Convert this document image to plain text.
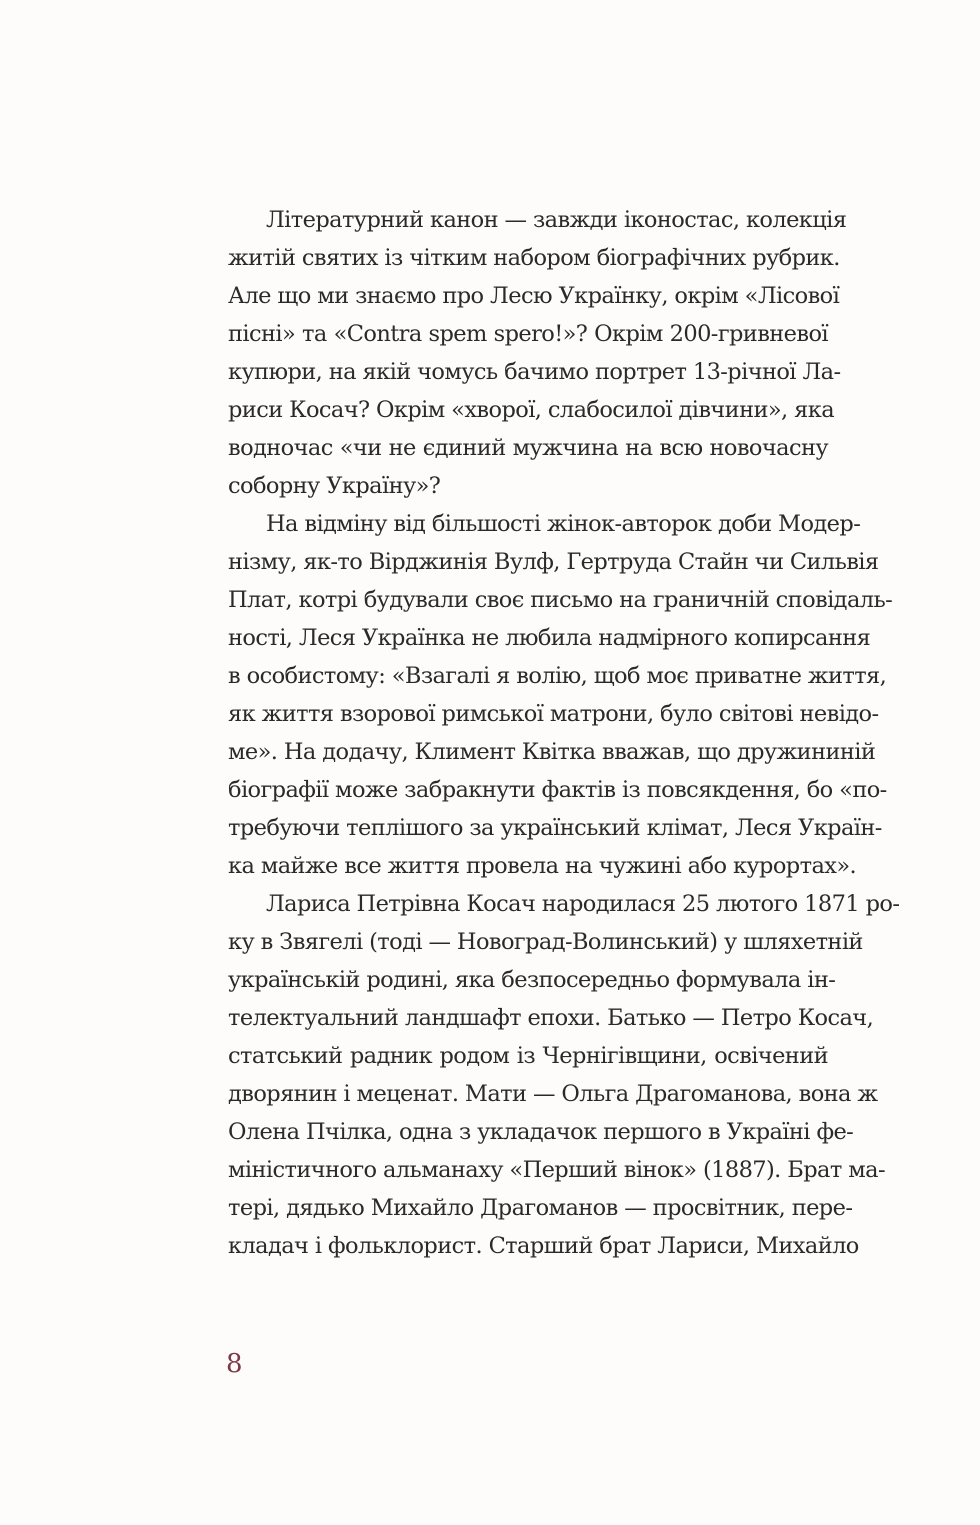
Літературний канон — завжди іконостас, колекція
житій святих із чітким набором біографічних рубрик.
Але що ми знаємо про Лесю Українку, окрім «Лісової
пісні» та «Contra spem spero!»? Окрім 200-гривневої
купюри, на якій чомусь бачимо портрет 13-річної Ла-
риси Косач? Окрім «хворої, слабосилої дівчини», яка
водночас «чи не єдиний мужчина на всю новочасну
соборну Україну»?
На відміну від більшості жінок-авторок доби Модер-
нізму, як-то Вірджинія Вулф, Гертруда Стайн чи Сильвія
Плат, котрі будували своє письмо на граничній сповідаль-
ності, Леся Українка не любила надмірного копирсання
в особистому: «Взагалі я волію, щоб моє приватне життя,
як життя взорової римської матрони, було світові невідо-
ме». На додачу, Климент Квітка вважав, що дружининій
біографії може забракнути фактів із повсякдення, бо «по-
требуючи теплішого за український клімат, Леся Україн-
ка майже все життя провела на чужині або курортах».
Лариса Петрівна Косач народилася 25 лютого 1871 ро-
ку в Звягелі (тоді — Новоград-Волинський) у шляхетній
українській родині, яка безпосередньо формувала ін-
телектуальний ландшафт епохи. Батько — Петро Косач,
статський радник родом із Чернігівщини, освічений
дворянин і меценат. Мати — Ольга Драгоманова, вона ж
Олена Пчілка, одна з укладачок першого в Україні фе-
міністичного альманаху «Перший вінок» (1887). Брат ма-
тері, дядько Михайло Драгоманов — просвітник, пере-
кладач і фольклорист. Старший брат Лариси, Михайло
8
